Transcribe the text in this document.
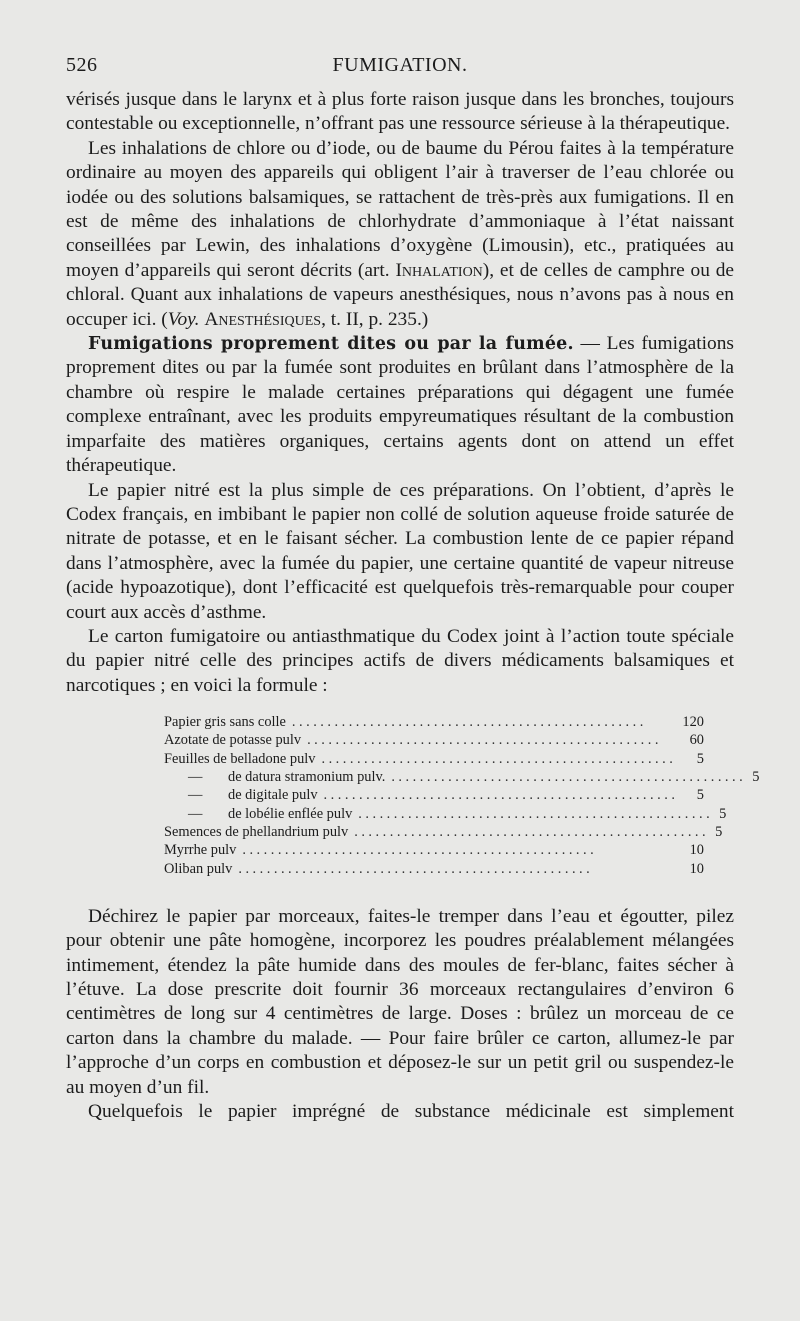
526	FUMIGATION.

vérisés jusque dans le larynx et à plus forte raison jusque dans les bronches, toujours contestable ou exceptionnelle, n’offrant pas une ressource sérieuse à la thérapeutique.

Les inhalations de chlore ou d’iode, ou de baume du Pérou faites à la température ordinaire au moyen des appareils qui obligent l’air à traverser de l’eau chlorée ou iodée ou des solutions balsamiques, se rattachent de très-près aux fumigations. Il en est de même des inhalations de chlorhydrate d’ammoniaque à l’état naissant conseillées par Lewin, des inhalations d’oxygène (Limousin), etc., pratiquées au moyen d’appareils qui seront décrits (art. Inhalation), et de celles de camphre ou de chloral. Quant aux inhalations de vapeurs anesthésiques, nous n’avons pas à nous en occuper ici. (Voy. Anesthésiques, t. II, p. 235.)

Fumigations proprement dites ou par la fumée. — Les fumigations proprement dites ou par la fumée sont produites en brûlant dans l’atmosphère de la chambre où respire le malade certaines préparations qui dégagent une fumée complexe entraînant, avec les produits empyreumatiques résultant de la combustion imparfaite des matières organiques, certains agents dont on attend un effet thérapeutique.

Le papier nitré est la plus simple de ces préparations. On l’obtient, d’après le Codex français, en imbibant le papier non collé de solution aqueuse froide saturée de nitrate de potasse, et en le faisant sécher. La combustion lente de ce papier répand dans l’atmosphère, avec la fumée du papier, une certaine quantité de vapeur nitreuse (acide hypoazotique), dont l’efficacité est quelquefois très-remarquable pour couper court aux accès d’asthme.

Le carton fumigatoire ou antiasthmatique du Codex joint à l’action toute spéciale du papier nitré celle des principes actifs de divers médicaments balsamiques et narcotiques ; en voici la formule :

Papier gris sans colle ..................................................	120
Azotate de potasse pulv ..................................................	60
Feuilles de belladone pulv ..................................................	5
— de datura stramonium pulv. .................................................. 5
— de digitale pulv ..................................................	5
— de lobélie enflée pulv .................................................. 5
Semences de phellandrium pulv .................................................. 5
Myrrhe pulv ..................................................	10
Oliban pulv ..................................................	10

Déchirez le papier par morceaux, faites-le tremper dans l’eau et égoutter, pilez pour obtenir une pâte homogène, incorporez les poudres préalablement mélangées intimement, étendez la pâte humide dans des moules de fer-blanc, faites sécher à l’étuve. La dose prescrite doit fournir 36 morceaux rectangulaires d’environ 6 centimètres de long sur 4 centimètres de large. Doses : brûlez un morceau de ce carton dans la chambre du malade. — Pour faire brûler ce carton, allumez-le par l’approche d’un corps en combustion et déposez-le sur un petit gril ou suspendez-le au moyen d’un fil.

Quelquefois le papier imprégné de substance médicinale est simplement
